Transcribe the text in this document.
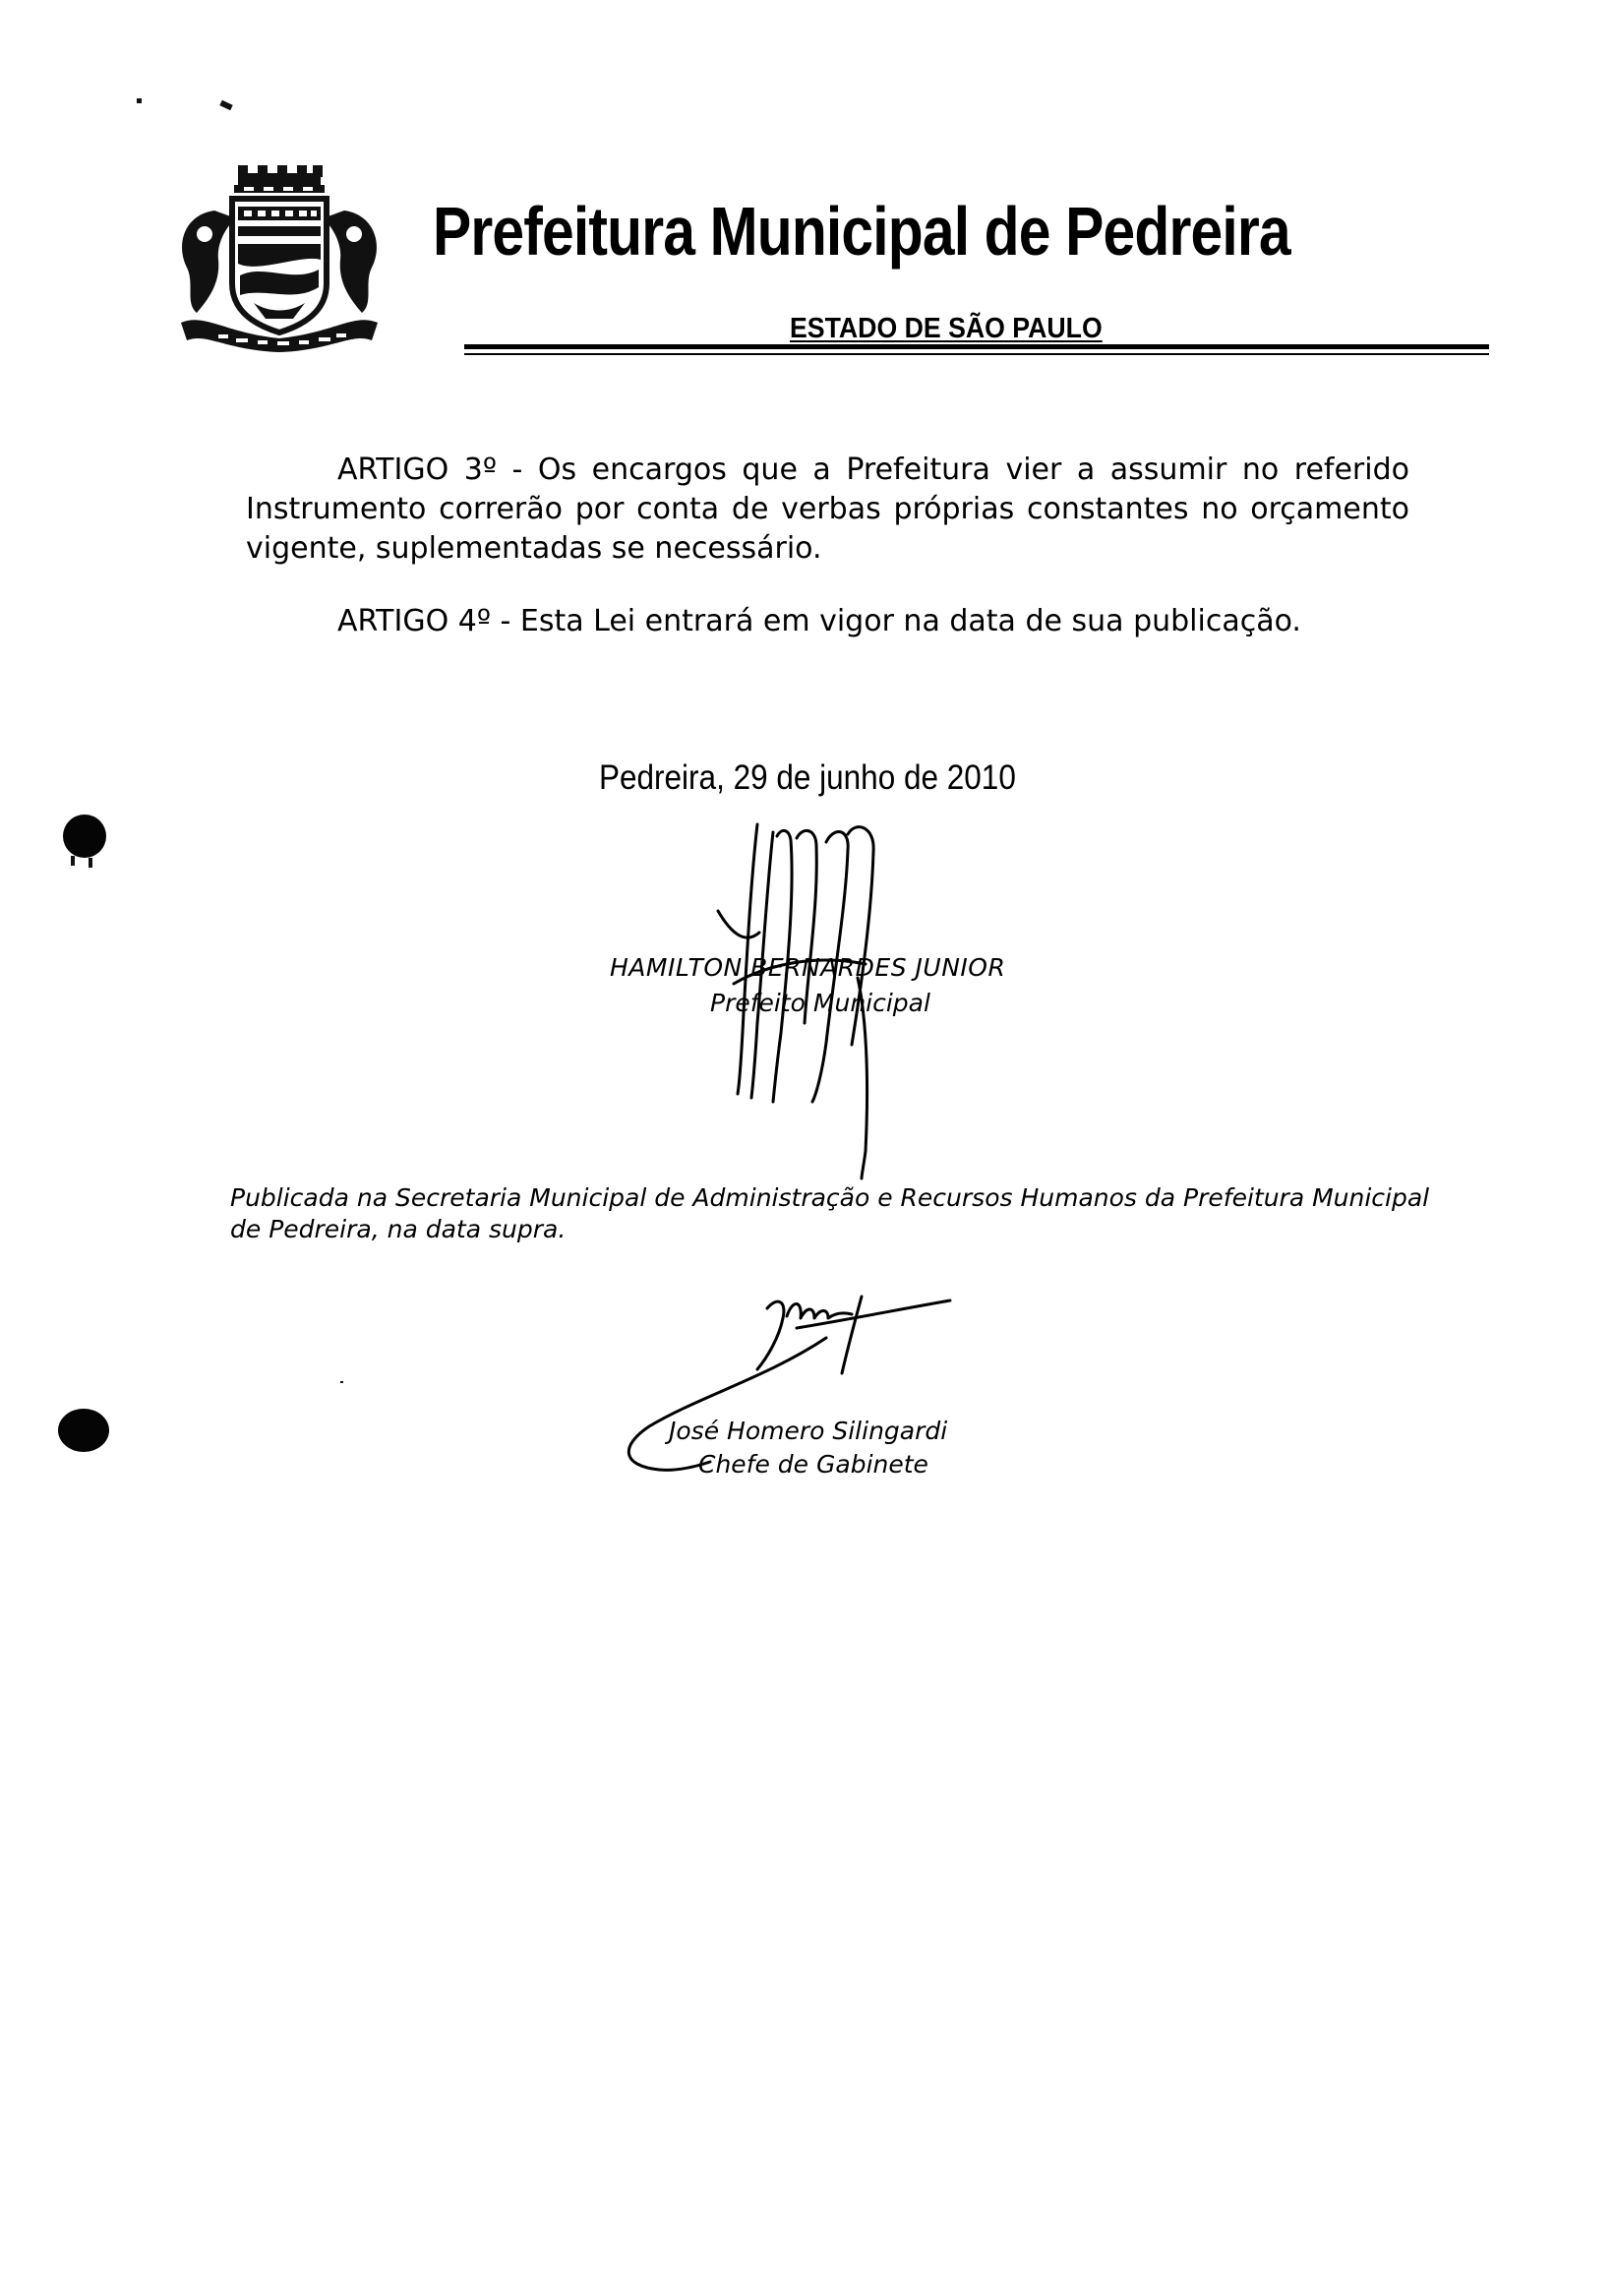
Prefeitura Municipal de Pedreira
ESTADO DE SÃO PAULO
ARTIGO 3º - Os encargos que a Prefeitura vier a assumir no referido
Instrumento correrão por conta de verbas próprias constantes no orçamento
vigente, suplementadas se necessário.
ARTIGO 4º - Esta Lei entrará em vigor na data de sua publicação.
Pedreira, 29 de junho de 2010
HAMILTON BERNARDES JUNIOR
Prefeito Municipal
Publicada na Secretaria Municipal de Administração e Recursos Humanos da Prefeitura Municipal
de Pedreira, na data supra.
José Homero Silingardi
Chefe de Gabinete
